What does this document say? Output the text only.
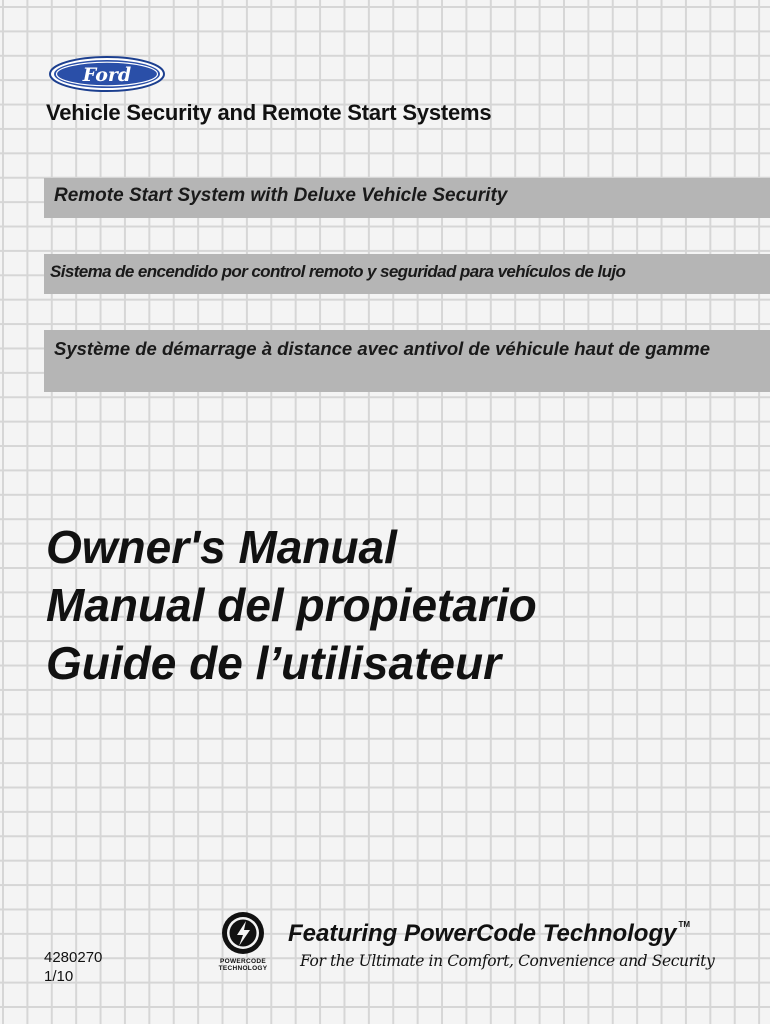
Ford
Vehicle Security and Remote Start Systems
Remote Start System with Deluxe Vehicle Security
Sistema de encendido por control remoto y seguridad para vehículos de lujo
Système de démarrage à distance avec antivol de véhicule haut de gamme
Owner's Manual
Manual del propietario
Guide de l’utilisateur
4280270
1/10
POWERCODE TECHNOLOGY
Featuring PowerCode Technology ™
For the Ultimate in Comfort, Convenience and Security
